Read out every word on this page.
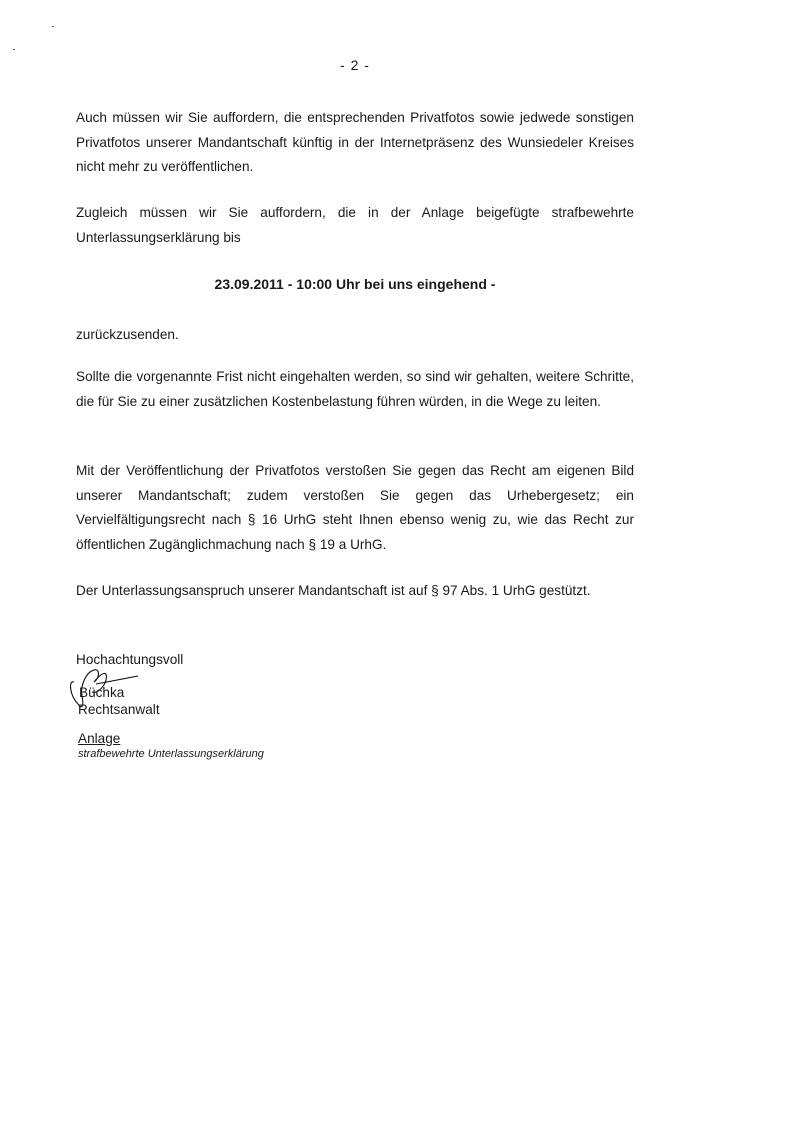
- 2 -

Auch müssen wir Sie auffordern, die entsprechenden Privatfotos sowie jedwede sonstigen Privatfotos unserer Mandantschaft künftig in der Internetpräsenz des Wunsiedeler Kreises nicht mehr zu veröffentlichen.

Zugleich müssen wir Sie auffordern, die in der Anlage beigefügte strafbewehrte Unterlassungserklärung bis

23.09.2011 - 10:00 Uhr bei uns eingehend -

zurückzusenden.

Sollte die vorgenannte Frist nicht eingehalten werden, so sind wir gehalten, weitere Schritte, die für Sie zu einer zusätzlichen Kostenbelastung führen würden, in die Wege zu leiten.

Mit der Veröffentlichung der Privatfotos verstoßen Sie gegen das Recht am eigenen Bild unserer Mandantschaft; zudem verstoßen Sie gegen das Urhebergesetz; ein Vervielfältigungsrecht nach § 16 UrhG steht Ihnen ebenso wenig zu, wie das Recht zur öffentlichen Zugänglichmachung nach § 19 a UrhG.

Der Unterlassungsanspruch unserer Mandantschaft ist auf § 97 Abs. 1 UrhG gestützt.

Hochachtungsvoll
Büchka
Rechtsanwalt
Anlage
strafbewehrte Unterlassungserklärung
